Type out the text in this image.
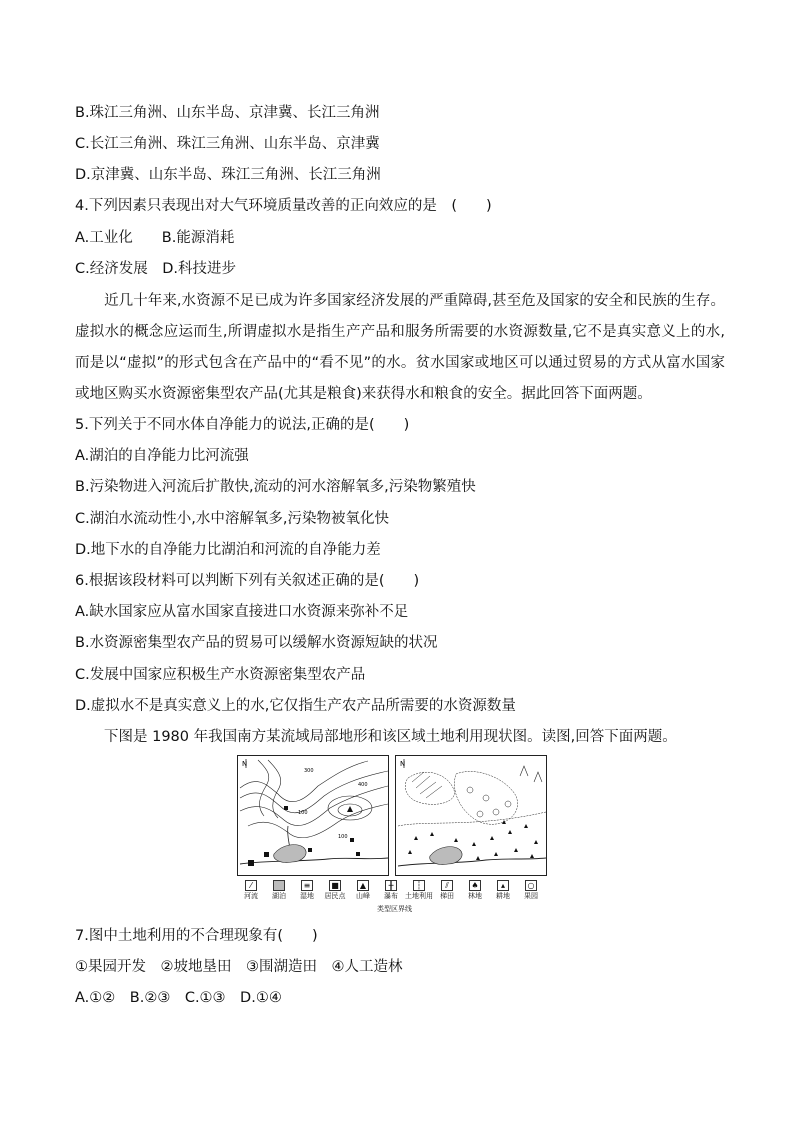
B.珠江三角洲、山东半岛、京津冀、长江三角洲
C.长江三角洲、珠江三角洲、山东半岛、京津冀
D.京津冀、山东半岛、珠江三角洲、长江三角洲
4.下列因素只表现出对大气环境质量改善的正向效应的是　(　　)
A.工业化　　B.能源消耗
C.经济发展　D.科技进步
近几十年来,水资源不足已成为许多国家经济发展的严重障碍,甚至危及国家的安全和民族的生存。虚拟水的概念应运而生,所谓虚拟水是指生产产品和服务所需要的水资源数量,它不是真实意义上的水,而是以“虚拟”的形式包含在产品中的“看不见”的水。贫水国家或地区可以通过贸易的方式从富水国家或地区购买水资源密集型农产品(尤其是粮食)来获得水和粮食的安全。据此回答下面两题。
5.下列关于不同水体自净能力的说法,正确的是(　　)
A.湖泊的自净能力比河流强
B.污染物进入河流后扩散快,流动的河水溶解氧多,污染物繁殖快
C.湖泊水流动性小,水中溶解氧多,污染物被氧化快
D.地下水的自净能力比湖泊和河流的自净能力差
6.根据该段材料可以判断下列有关叙述正确的是(　　)
A.缺水国家应从富水国家直接进口水资源来弥补不足
B.水资源密集型农产品的贸易可以缓解水资源短缺的状况
C.发展中国家应积极生产水资源密集型农产品
D.虚拟水不是真实意义上的水,它仅指生产农产品所需要的水资源数量
下图是 1980 年我国南方某流域局部地形和该区域土地利用现状图。读图,回答下面两题。
N
100
300
400
100
N
⁄
河流	湖泊
≡
湿地
■
居民点
▲
山峰
╫
瀑布
┆
土地利用
⫽
梯田
♠
林地
▴
耕地
○
果园
类型区界线
7.图中土地利用的不合理现象有(　　)
①果园开发　②坡地垦田　③围湖造田　④人工造林
A.①②　B.②③　C.①③　D.①④
